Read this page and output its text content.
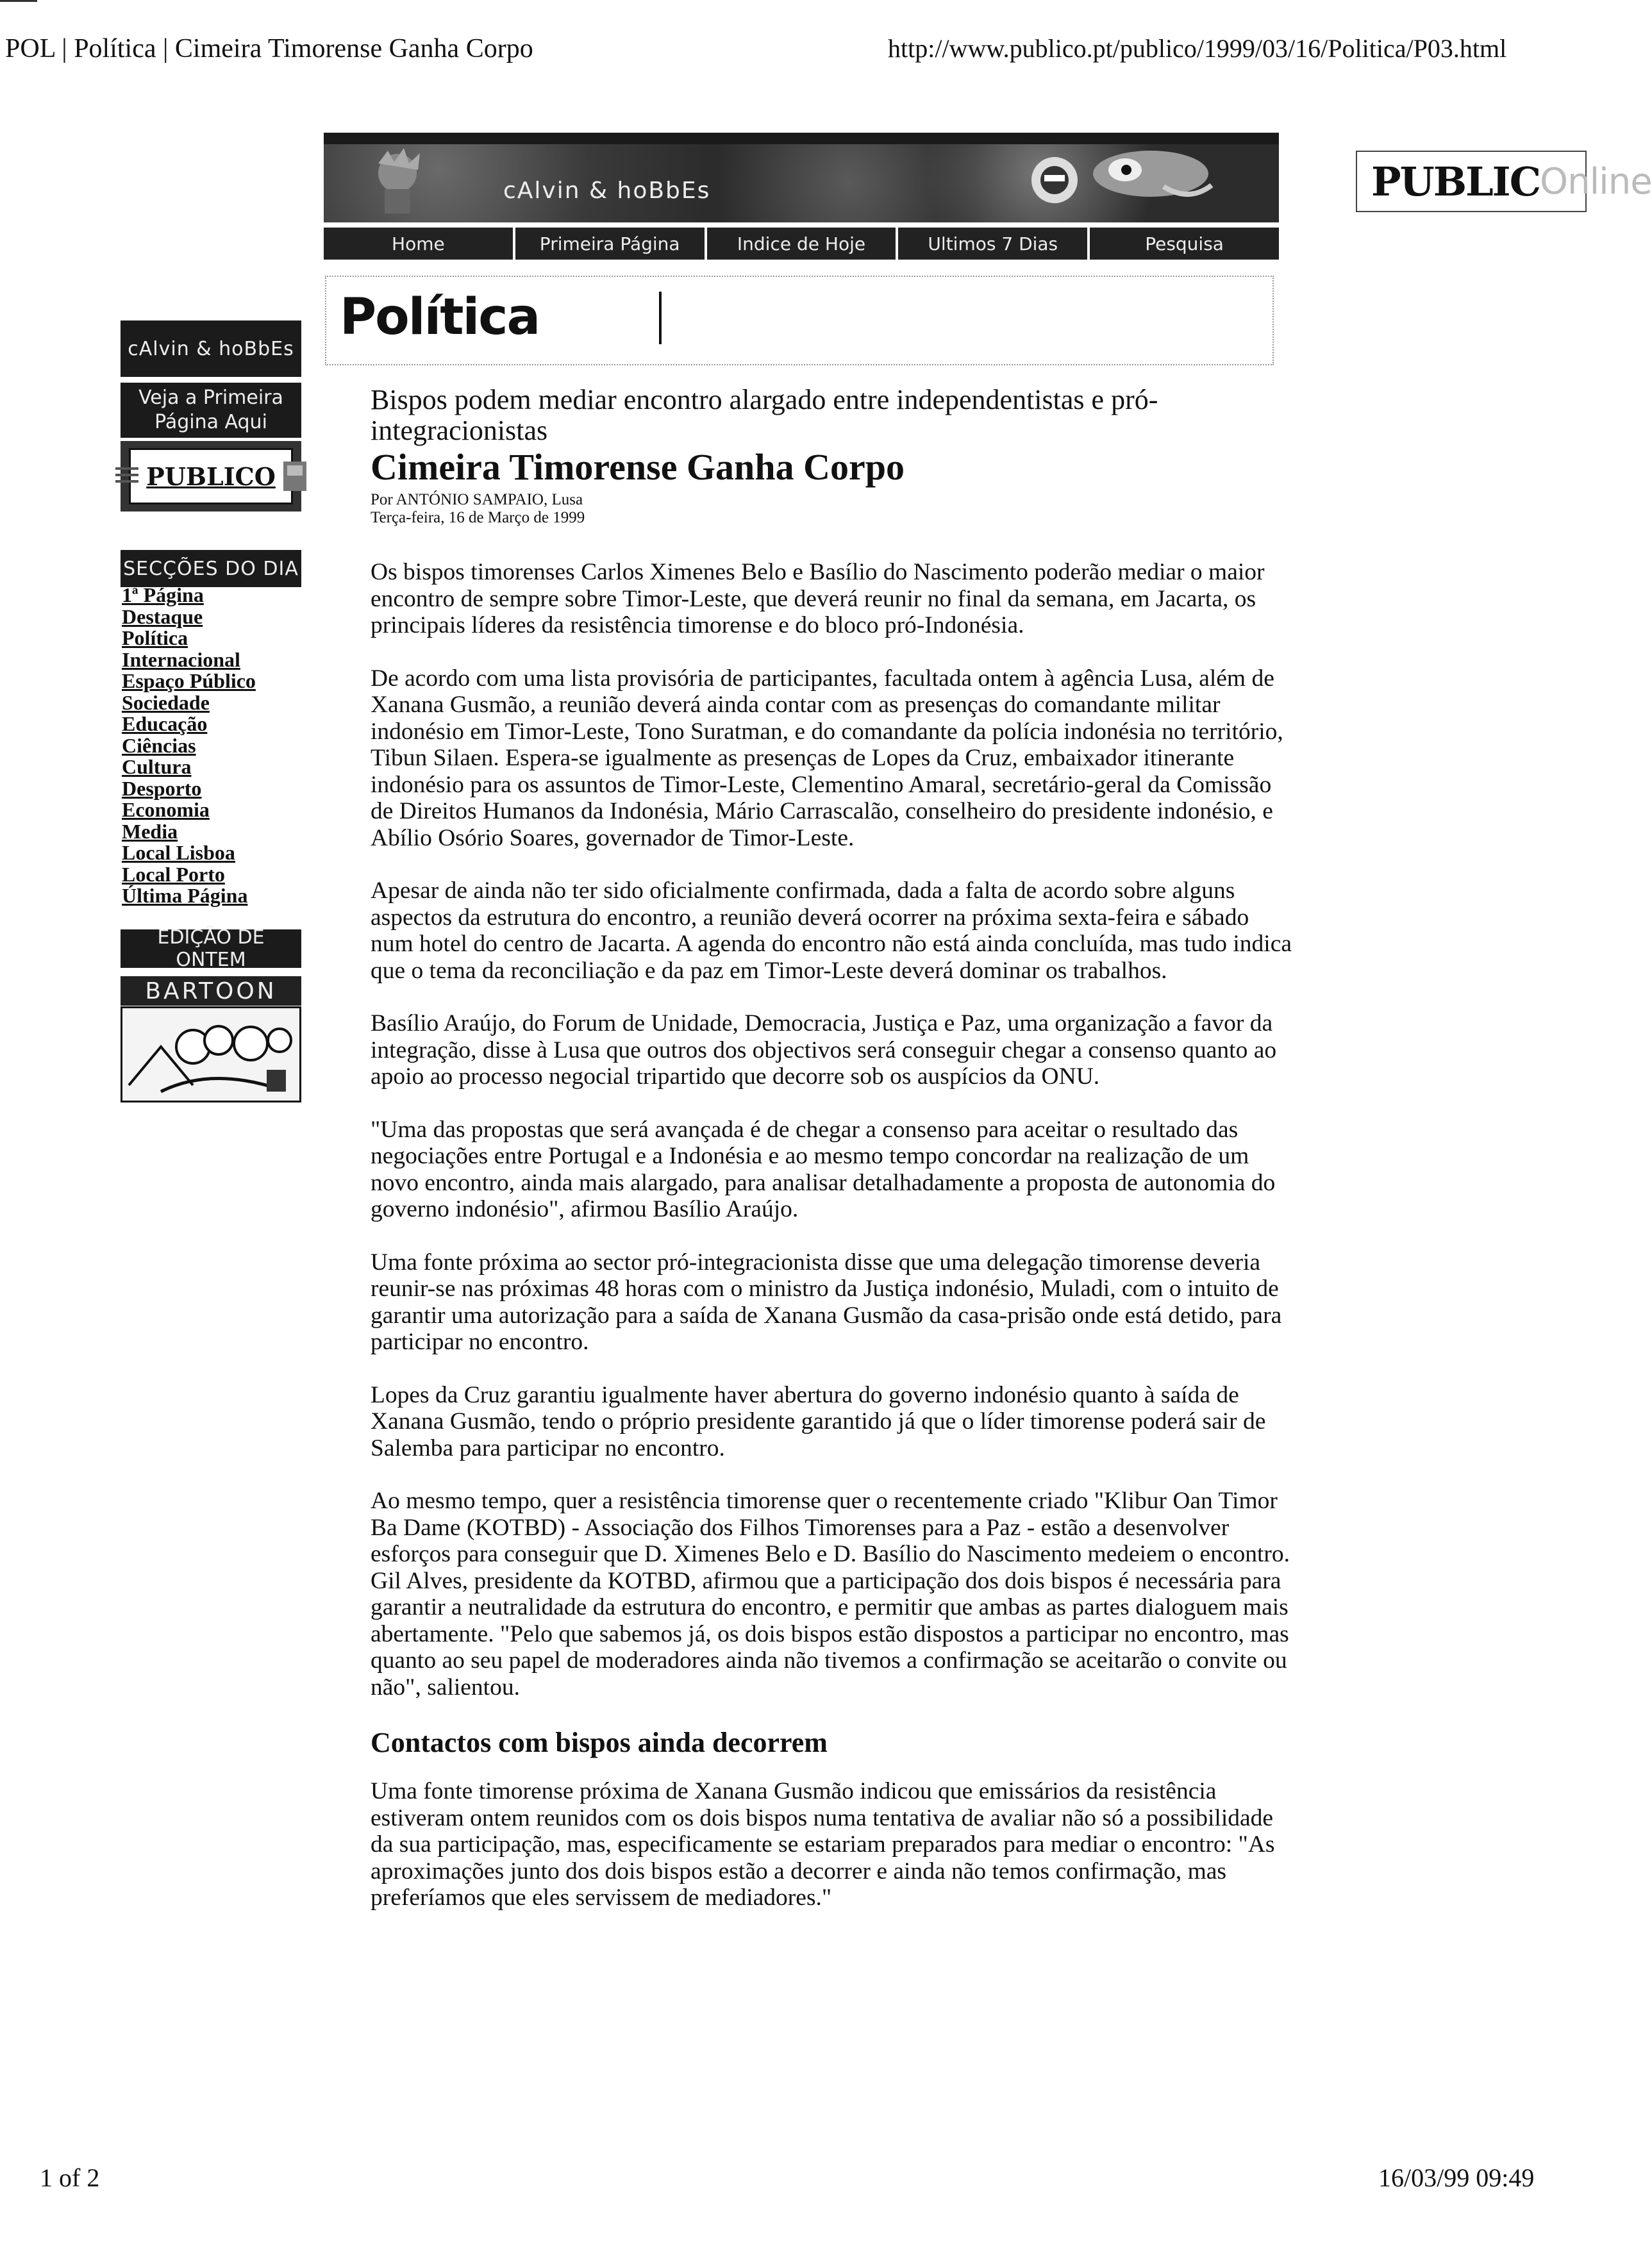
POL | Política | Cimeira Timorense Ganha Corpo	http://www.publico.pt/publico/1999/03/16/Politica/P03.html
cAlvin & hoBbEs	PUBLIC Online
Home	Primeira Página	Indice de Hoje	Ultimos 7 Dias	Pesquisa
Política
cAlvin & hoBbEs
Veja a Primeira
Página Aqui
PUBLICO
SECÇÕES DO DIA
1ª Página
Destaque
Política
Internacional
Espaço Público
Sociedade
Educação
Ciências
Cultura
Desporto
Economia
Media
Local Lisboa
Local Porto
Última Página
EDIÇÃO DE ONTEM
BARTOON

Bispos podem mediar encontro alargado entre independentistas e pró-integracionistas

Cimeira Timorense Ganha Corpo

Por ANTÓNIO SAMPAIO, Lusa

Terça-feira, 16 de Março de 1999

Os bispos timorenses Carlos Ximenes Belo e Basílio do Nascimento poderão mediar o maior encontro de sempre sobre Timor-Leste, que deverá reunir no final da semana, em Jacarta, os principais líderes da resistência timorense e do bloco pró-Indonésia.

De acordo com uma lista provisória de participantes, facultada ontem à agência Lusa, além de Xanana Gusmão, a reunião deverá ainda contar com as presenças do comandante militar indonésio em Timor-Leste, Tono Suratman, e do comandante da polícia indonésia no território, Tibun Silaen. Espera-se igualmente as presenças de Lopes da Cruz, embaixador itinerante indonésio para os assuntos de Timor-Leste, Clementino Amaral, secretário-geral da Comissão de Direitos Humanos da Indonésia, Mário Carrascalão, conselheiro do presidente indonésio, e Abílio Osório Soares, governador de Timor-Leste.

Apesar de ainda não ter sido oficialmente confirmada, dada a falta de acordo sobre alguns aspectos da estrutura do encontro, a reunião deverá ocorrer na próxima sexta-feira e sábado num hotel do centro de Jacarta. A agenda do encontro não está ainda concluída, mas tudo indica que o tema da reconciliação e da paz em Timor-Leste deverá dominar os trabalhos.

Basílio Araújo, do Forum de Unidade, Democracia, Justiça e Paz, uma organização a favor da integração, disse à Lusa que outros dos objectivos será conseguir chegar a consenso quanto ao apoio ao processo negocial tripartido que decorre sob os auspícios da ONU.

"Uma das propostas que será avançada é de chegar a consenso para aceitar o resultado das negociações entre Portugal e a Indonésia e ao mesmo tempo concordar na realização de um novo encontro, ainda mais alargado, para analisar detalhadamente a proposta de autonomia do governo indonésio", afirmou Basílio Araújo.

Uma fonte próxima ao sector pró-integracionista disse que uma delegação timorense deveria reunir-se nas próximas 48 horas com o ministro da Justiça indonésio, Muladi, com o intuito de garantir uma autorização para a saída de Xanana Gusmão da casa-prisão onde está detido, para participar no encontro.

Lopes da Cruz garantiu igualmente haver abertura do governo indonésio quanto à saída de Xanana Gusmão, tendo o próprio presidente garantido já que o líder timorense poderá sair de Salemba para participar no encontro.

Ao mesmo tempo, quer a resistência timorense quer o recentemente criado "Klibur Oan Timor Ba Dame (KOTBD) - Associação dos Filhos Timorenses para a Paz - estão a desenvolver esforços para conseguir que D. Ximenes Belo e D. Basílio do Nascimento medeiem o encontro. Gil Alves, presidente da KOTBD, afirmou que a participação dos dois bispos é necessária para garantir a neutralidade da estrutura do encontro, e permitir que ambas as partes dialoguem mais abertamente. "Pelo que sabemos já, os dois bispos estão dispostos a participar no encontro, mas quanto ao seu papel de moderadores ainda não tivemos a confirmação se aceitarão o convite ou não", salientou.

Contactos com bispos ainda decorrem

Uma fonte timorense próxima de Xanana Gusmão indicou que emissários da resistência estiveram ontem reunidos com os dois bispos numa tentativa de avaliar não só a possibilidade da sua participação, mas, especificamente se estariam preparados para mediar o encontro: "As aproximações junto dos dois bispos estão a decorrer e ainda não temos confirmação, mas preferíamos que eles servissem de mediadores."

1 of 2	16/03/99 09:49
